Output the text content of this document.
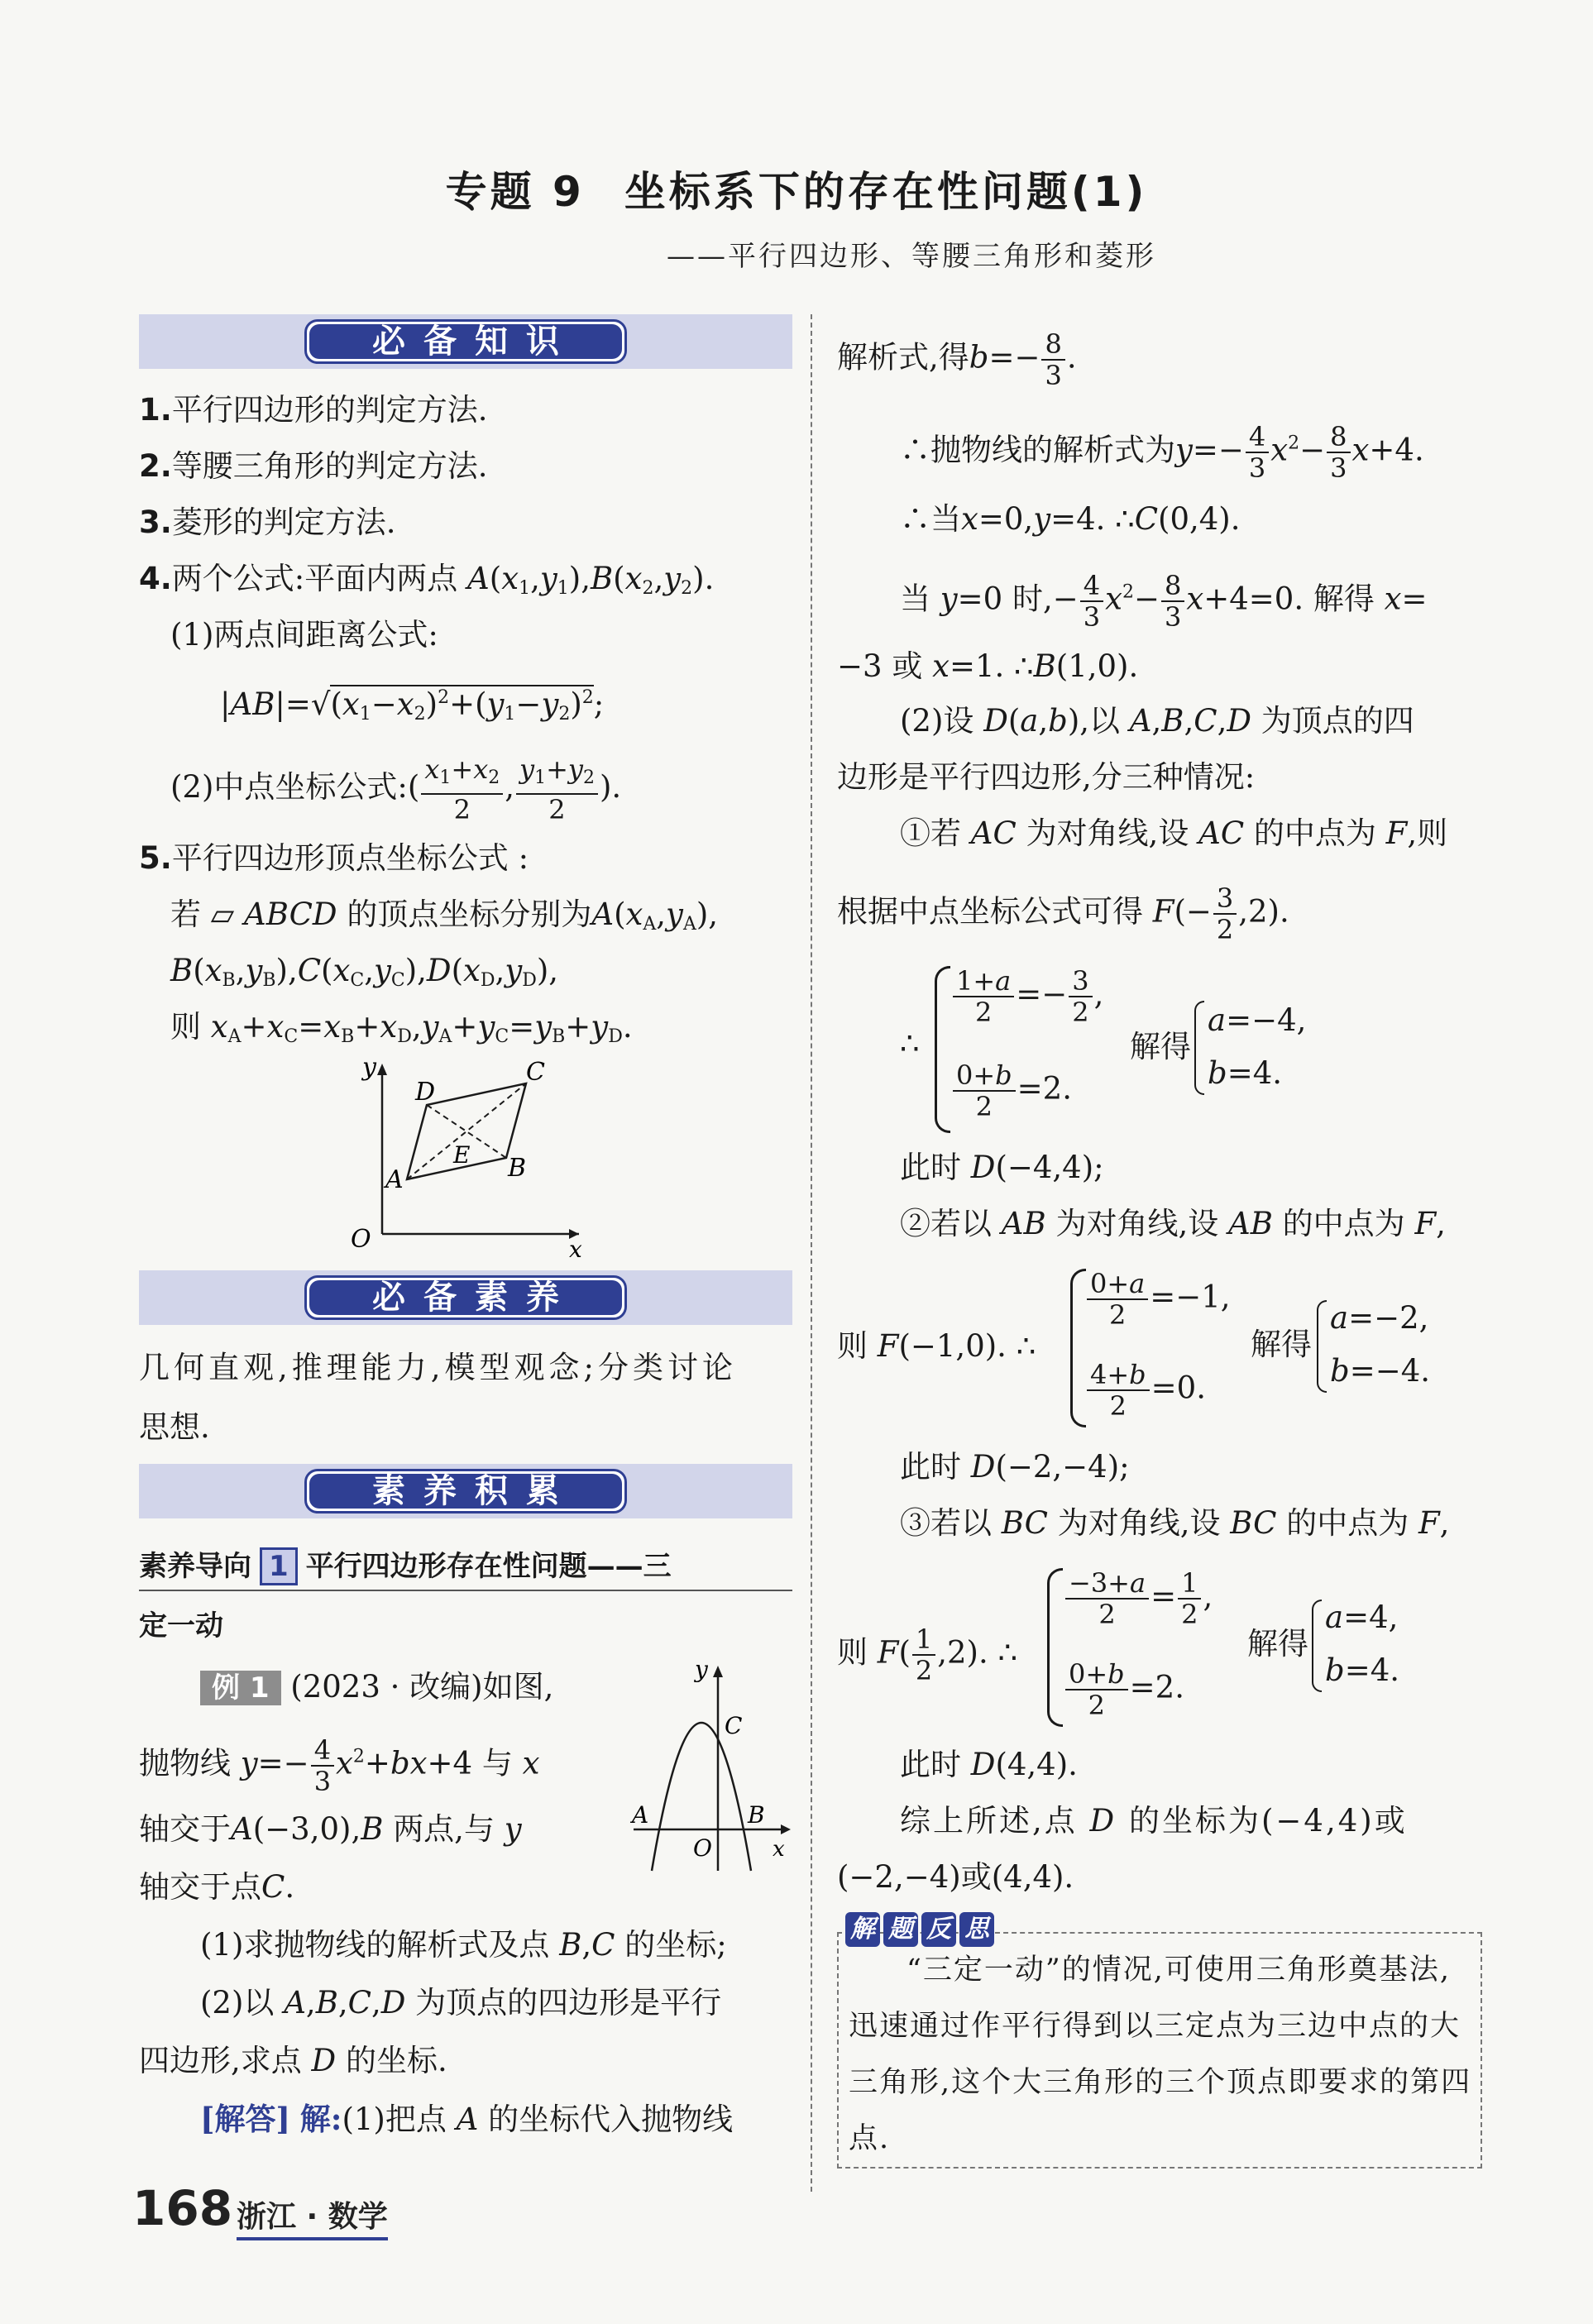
专题 9 坐标系下的存在性问题(1)
——平行四边形、等腰三角形和菱形
必备知识
1.平行四边形的判定方法.
2.等腰三角形的判定方法.
3.菱形的判定方法.
4.两个公式:平面内两点 $A(x_1,y_1),B(x_2,y_2)$.
(1)两点间距离公式:
$|AB|=√(x_1-x_2)^2+(y_1-y_2)^2$;
(2)中点坐标公式:( $\frac{x_1+x_2}{2}$ , $\frac{y_1+y_2}{2}$ ).
5.平行四边形顶点坐标公式 :
若 ▱ ABCD 的顶点坐标分别为$A(x_A,y_A)$,
$B(x_B,y_B),C(x_C,y_C),D(x_D,y_D)$,
则 $x_A+x_C=x_B+x_D,y_A+y_C=y_B+y_D$.
y
x
O
A	B
C
D
E
必备素养
几何直观,推理能力,模型观念;分类讨论
思想.
素养积累
素养导向 1 平行四边形存在性问题——三
定一动
例 1 (2023 · 改编)如图,
抛物线 $y=- \frac{4}{3} x^2+bx+4$ 与 x
轴交于A(−3,0),B 两点,与 y
轴交于点C.
y
x
O
A	B
C
(1)求抛物线的解析式及点 B,C 的坐标;
(2)以 A,B,C,D 为顶点的四边形是平行
四边形,求点 D 的坐标.
[解答] 解:(1)把点 A 的坐标代入抛物线
解析式,得$b=- \frac{8}{3}$ .
∴抛物线的解析式为$y=- \frac{4}{3} x^2- \frac{8}{3} x+4$.
∴当x=0,y=4. ∴C(0,4).
当 y=0 时,− $\frac{4}{3} x^2- \frac{8}{3} x+4=0$. 解得 x=
−3 或 x=1. ∴B(1,0).
(2)设 D(a,b),以 A,B,C,D 为顶点的四
边形是平行四边形,分三种情况:
①若 AC 为对角线,设 AC 的中点为 F,则
根据中点坐标公式可得 $F(- \frac{3}{2} ,2)$.
∴
$\frac{1+a}{2} =- \frac{3}{2}$ ,
$\frac{0+b}{2} =2$.
解得
a=−4,
b=4.
此时 D(−4,4);
②若以 AB 为对角线,设 AB 的中点为 F,
则 F(−1,0). ∴
$\frac{0+a}{2} =-1$,
$\frac{4+b}{2} =0$.
解得
a=−2,
b=−4.
此时 D(−2,−4);
③若以 BC 为对角线,设 BC 的中点为 F,
则 $F( \frac{1}{2} ,2)$. ∴
$\frac{-3+a}{2} = \frac{1}{2}$ ,
$\frac{0+b}{2} =2$.
解得
a=4,
b=4.
此时 D(4,4).
综上所述,点 D 的坐标为(−4,4)或
(−2,−4)或(4,4).
解 题 反 思
“三定一动”的情况,可使用三角形奠基法,迅速通过作平行得到以三定点为三边中点的大三角形,这个大三角形的三个顶点即要求的第四点.
168 浙江 · 数学
